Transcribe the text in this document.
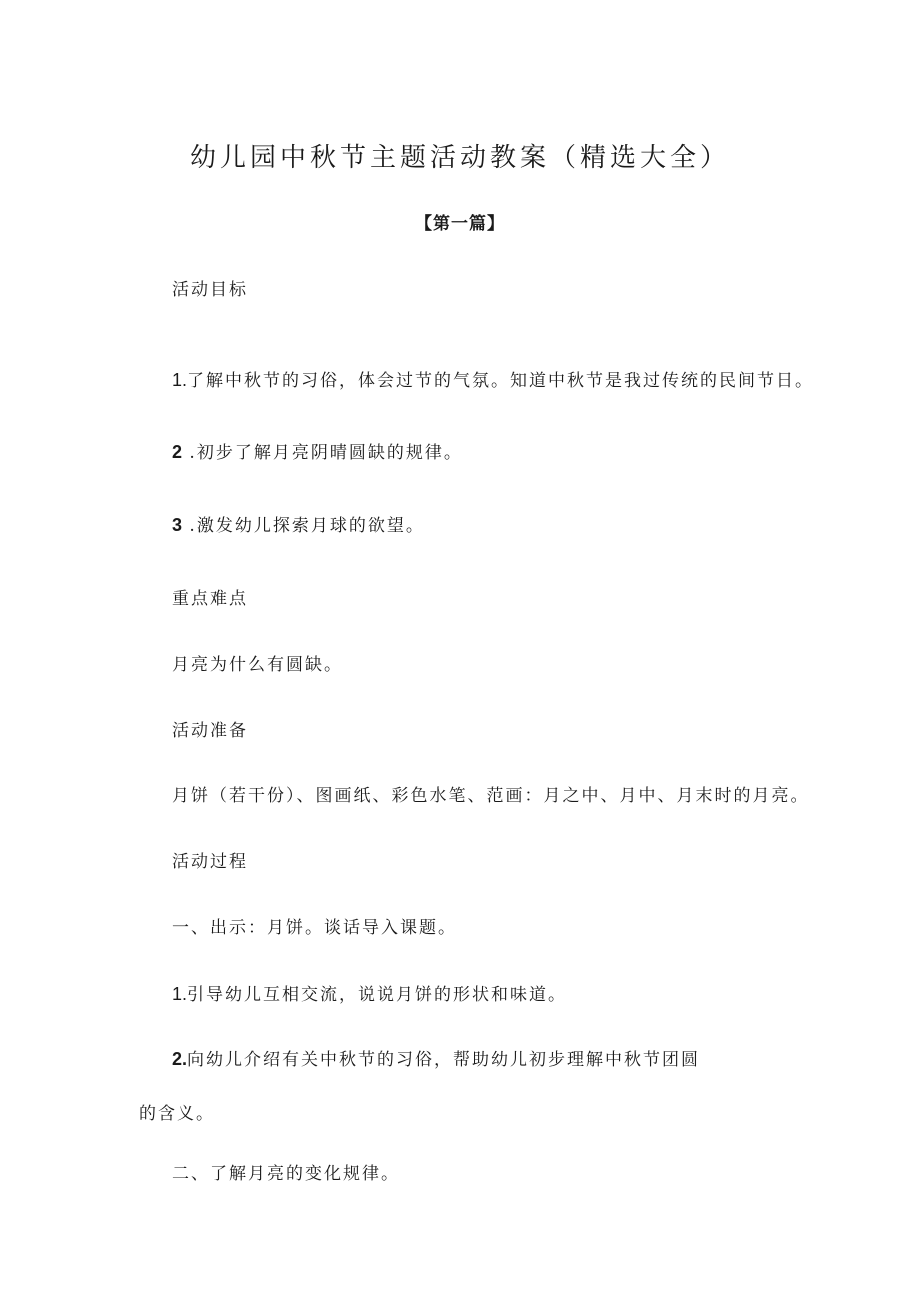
幼儿园中秋节主题活动教案（精选大全）
【第一篇】
活动目标
1.了解中秋节的习俗，体会过节的气氛。知道中秋节是我过传统的民间节日。
2 .初步了解月亮阴晴圆缺的规律。
3 .激发幼儿探索月球的欲望。
重点难点
月亮为什么有圆缺。
活动准备
月饼（若干份）、图画纸、彩色水笔、范画：月之中、月中、月末时的月亮。
活动过程
一、出示：月饼。谈话导入课题。
1.引导幼儿互相交流，说说月饼的形状和味道。
2.向幼儿介绍有关中秋节的习俗，帮助幼儿初步理解中秋节团圆
的含义。
二、了解月亮的变化规律。
